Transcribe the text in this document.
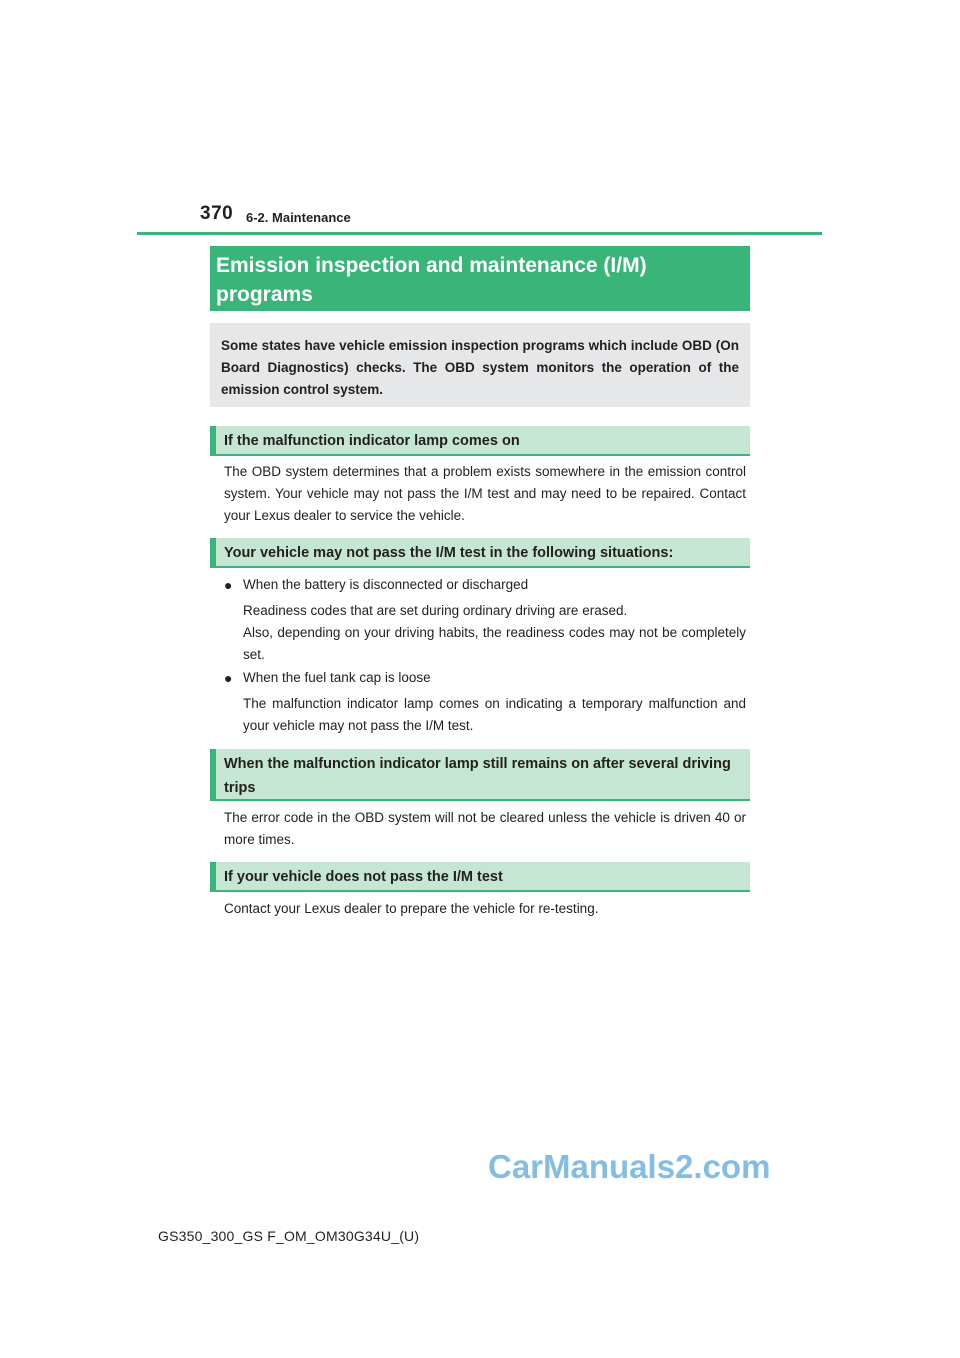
370 6-2. Maintenance
Emission inspection and maintenance (I/M) programs
Some states have vehicle emission inspection programs which include OBD (On Board Diagnostics) checks. The OBD system monitors the operation of the emission control system.
If the malfunction indicator lamp comes on
The OBD system determines that a problem exists somewhere in the emission control system. Your vehicle may not pass the I/M test and may need to be repaired. Contact your Lexus dealer to service the vehicle.
Your vehicle may not pass the I/M test in the following situations:
● When the battery is disconnected or discharged
Readiness codes that are set during ordinary driving are erased.
Also, depending on your driving habits, the readiness codes may not be completely set.
● When the fuel tank cap is loose
The malfunction indicator lamp comes on indicating a temporary malfunction and your vehicle may not pass the I/M test.
When the malfunction indicator lamp still remains on after several driving trips
The error code in the OBD system will not be cleared unless the vehicle is driven 40 or more times.
If your vehicle does not pass the I/M test
Contact your Lexus dealer to prepare the vehicle for re-testing.
CarManuals2.com
GS350_300_GS F_OM_OM30G34U_(U)
